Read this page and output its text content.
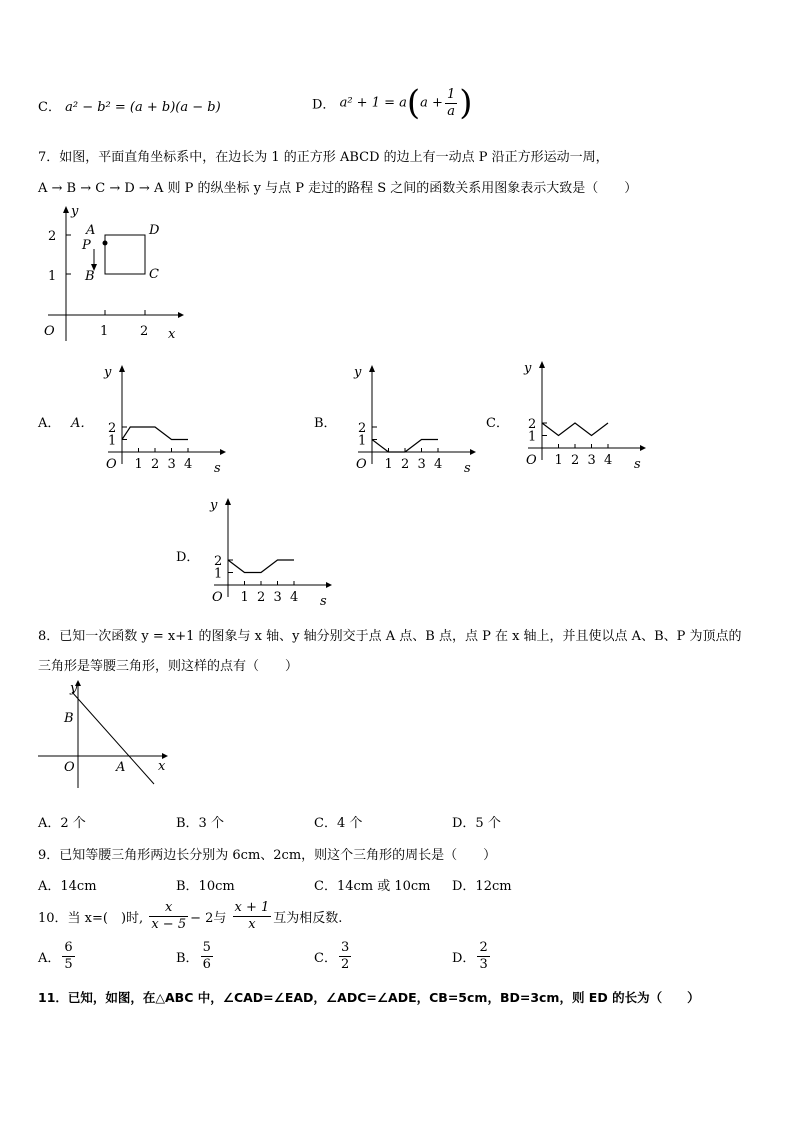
C． a² − b² = (a + b)(a − b)	D． $a^2 + 1 = a(a + \frac{1}{a}$ )
7．如图，平面直角坐标系中，在边长为 1 的正方形 ABCD 的边上有一动点 P 沿正方形运动一周，
A → B → C → D → A 则 P 的纵坐标 y 与点 P 走过的路程 S 之间的函数关系用图象表示大致是（　　）
y
x
O
2
1
1 2
A
P
B
D
C
A． A．	B．	C．
D．
1 2 3 4
1
2
y
s
O	1 2 3 4
1
2
y
s
O	1 2 3 4
1
2
y
s
O
1 2 3 4
1
2
y
s
O
8．已知一次函数 y = x+1 的图象与 x 轴、y 轴分别交于点 A 点、B 点，点 P 在 x 轴上，并且使以点 A、B、P 为顶点的
三角形是等腰三角形，则这样的点有（　　）
y
x
O	A
B
A．2 个	B．3 个	C．4 个	D．5 个
9．已知等腰三角形两边长分别为 6cm、2cm，则这个三角形的周长是（　　）
A．14cm	B．10cm	C．14cm 或 10cm D．12cm
10．当 x=(　)时, $\frac{x}{x - 5} - 2$与 $\frac{x + 1}{x}$ 互为相反数.
A． $\frac{6}{5}$	B． $\frac{5}{6}$	C． $\frac{3}{2}$	D． $\frac{2}{3}$
11．已知，如图，在△ABC 中，∠CAD=∠EAD，∠ADC=∠ADE，CB=5cm，BD=3cm，则 ED 的长为（　　）
